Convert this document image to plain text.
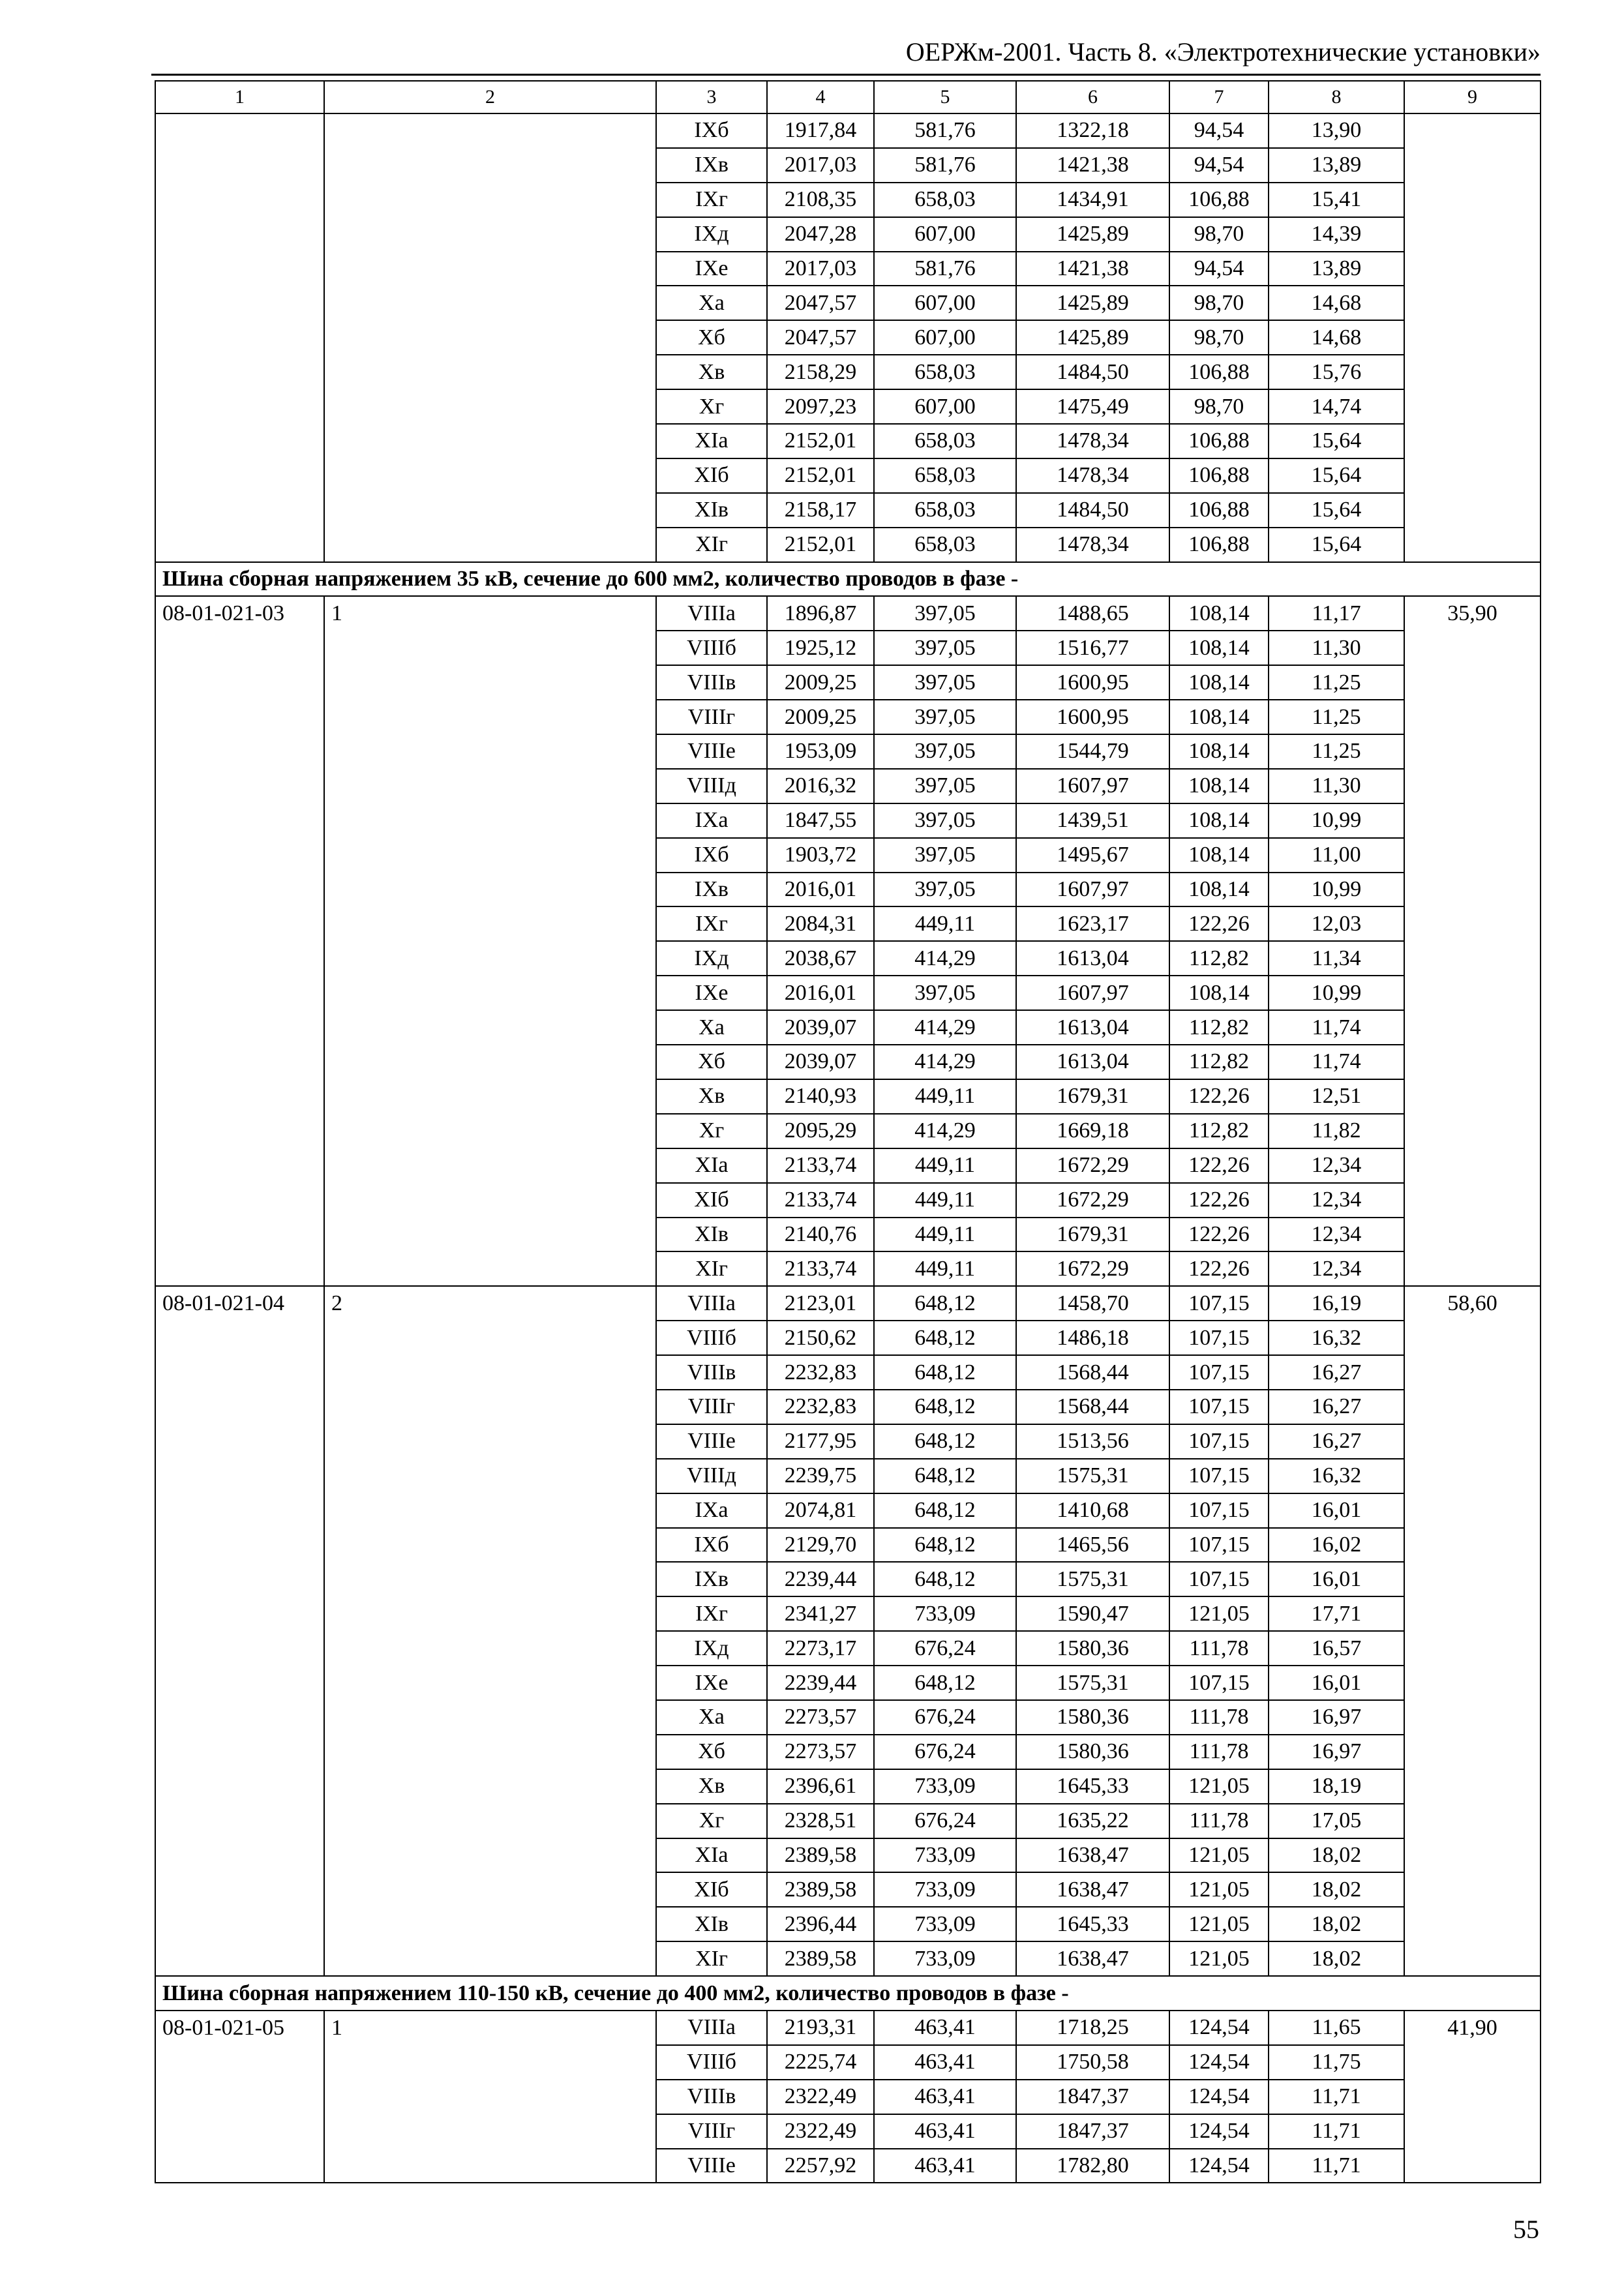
ОЕРЖм-2001. Часть 8. «Электротехнические установки»
1	2	3	4	5	6	7	8	9
		IXб	1917,84	581,76	1322,18	94,54	13,90	
		IXв	2017,03	581,76	1421,38	94,54	13,89	
		IXг	2108,35	658,03	1434,91	106,88	15,41	
		IXд	2047,28	607,00	1425,89	98,70	14,39	
		IXе	2017,03	581,76	1421,38	94,54	13,89	
		Xа	2047,57	607,00	1425,89	98,70	14,68	
		Xб	2047,57	607,00	1425,89	98,70	14,68	
		Xв	2158,29	658,03	1484,50	106,88	15,76	
		Xг	2097,23	607,00	1475,49	98,70	14,74	
		XIа	2152,01	658,03	1478,34	106,88	15,64	
		XIб	2152,01	658,03	1478,34	106,88	15,64	
		XIв	2158,17	658,03	1484,50	106,88	15,64	
		XIг	2152,01	658,03	1478,34	106,88	15,64	
Шина сборная напряжением 35 кВ, сечение до 600 мм2, количество проводов в фазе -								
08-01-021-03	1	VIIIа	1896,87	397,05	1488,65	108,14	11,17	35,90
		VIIIб	1925,12	397,05	1516,77	108,14	11,30	
		VIIIв	2009,25	397,05	1600,95	108,14	11,25	
		VIIIг	2009,25	397,05	1600,95	108,14	11,25	
		VIIIе	1953,09	397,05	1544,79	108,14	11,25	
		VIIIд	2016,32	397,05	1607,97	108,14	11,30	
		IXа	1847,55	397,05	1439,51	108,14	10,99	
		IXб	1903,72	397,05	1495,67	108,14	11,00	
		IXв	2016,01	397,05	1607,97	108,14	10,99	
		IXг	2084,31	449,11	1623,17	122,26	12,03	
		IXд	2038,67	414,29	1613,04	112,82	11,34	
		IXе	2016,01	397,05	1607,97	108,14	10,99	
		Xа	2039,07	414,29	1613,04	112,82	11,74	
		Xб	2039,07	414,29	1613,04	112,82	11,74	
		Xв	2140,93	449,11	1679,31	122,26	12,51	
		Xг	2095,29	414,29	1669,18	112,82	11,82	
		XIа	2133,74	449,11	1672,29	122,26	12,34	
		XIб	2133,74	449,11	1672,29	122,26	12,34	
		XIв	2140,76	449,11	1679,31	122,26	12,34	
		XIг	2133,74	449,11	1672,29	122,26	12,34	
08-01-021-04	2	VIIIа	2123,01	648,12	1458,70	107,15	16,19	58,60
		VIIIб	2150,62	648,12	1486,18	107,15	16,32	
		VIIIв	2232,83	648,12	1568,44	107,15	16,27	
		VIIIг	2232,83	648,12	1568,44	107,15	16,27	
		VIIIе	2177,95	648,12	1513,56	107,15	16,27	
		VIIIд	2239,75	648,12	1575,31	107,15	16,32	
		IXа	2074,81	648,12	1410,68	107,15	16,01	
		IXб	2129,70	648,12	1465,56	107,15	16,02	
		IXв	2239,44	648,12	1575,31	107,15	16,01	
		IXг	2341,27	733,09	1590,47	121,05	17,71	
		IXд	2273,17	676,24	1580,36	111,78	16,57	
		IXе	2239,44	648,12	1575,31	107,15	16,01	
		Xа	2273,57	676,24	1580,36	111,78	16,97	
		Xб	2273,57	676,24	1580,36	111,78	16,97	
		Xв	2396,61	733,09	1645,33	121,05	18,19	
		Xг	2328,51	676,24	1635,22	111,78	17,05	
		XIа	2389,58	733,09	1638,47	121,05	18,02	
		XIб	2389,58	733,09	1638,47	121,05	18,02	
		XIв	2396,44	733,09	1645,33	121,05	18,02	
		XIг	2389,58	733,09	1638,47	121,05	18,02	
Шина сборная напряжением 110-150 кВ, сечение до 400 мм2, количество проводов в фазе -								
08-01-021-05	1	VIIIа	2193,31	463,41	1718,25	124,54	11,65	41,90
		VIIIб	2225,74	463,41	1750,58	124,54	11,75	
		VIIIв	2322,49	463,41	1847,37	124,54	11,71	
		VIIIг	2322,49	463,41	1847,37	124,54	11,71	
		VIIIе	2257,92	463,41	1782,80	124,54	11,71	
55
